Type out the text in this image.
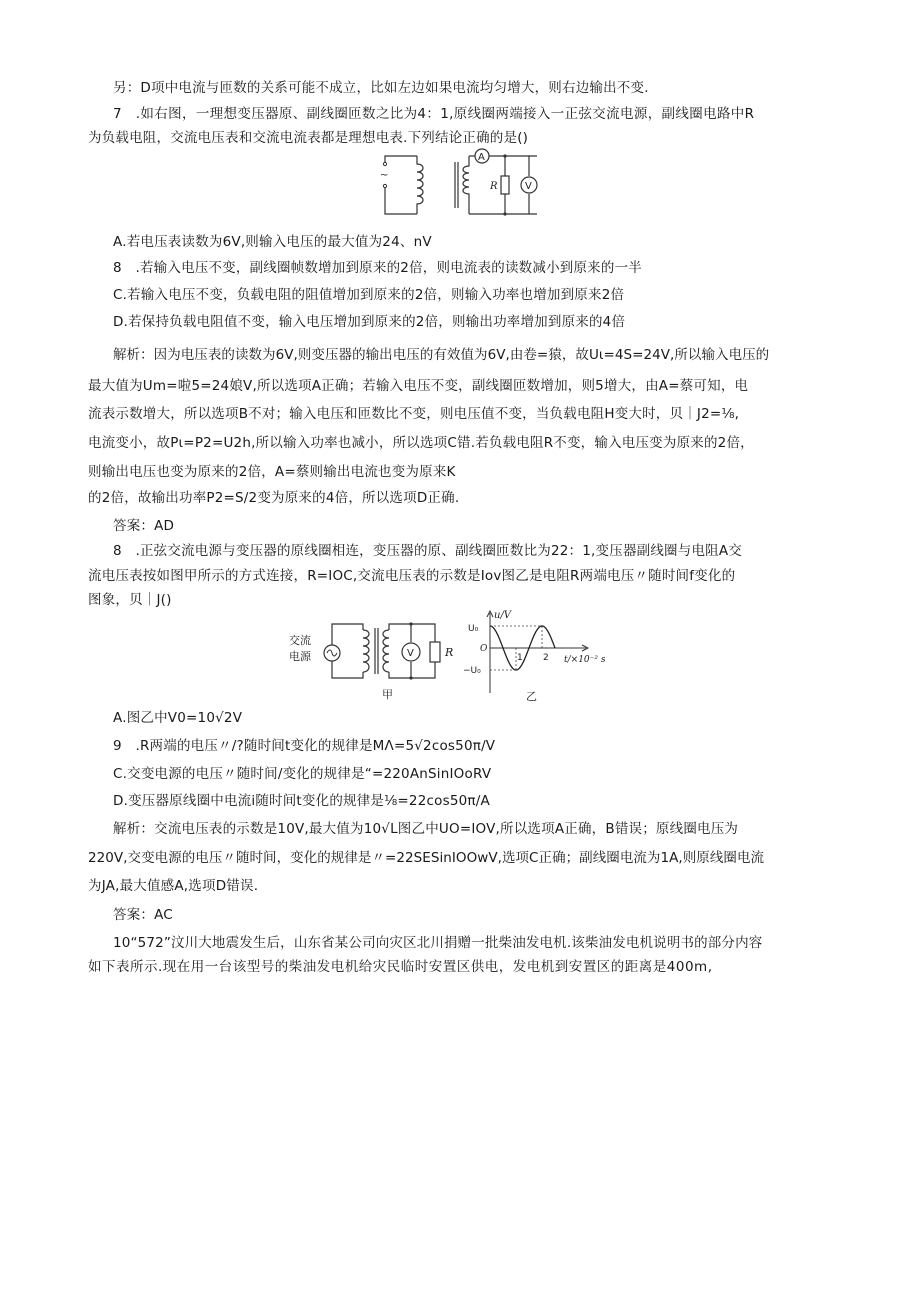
另：D项中电流与匝数的关系可能不成立，比如左边如果电流均匀增大，则右边输出不变.
7　.如右图，一理想变压器原、副线圈匝数之比为4：1,原线圈两端接入一正弦交流电源，副线圈电路中R
为负载电阻，交流电压表和交流电流表都是理想电表.下列结论正确的是()
~
A
V
R
A.若电压表读数为6V,则输入电压的最大值为24、nV
8　.若输入电压不变，副线圈帧数增加到原来的2倍，则电流表的读数减小到原来的一半
C.若输入电压不变，负载电阻的阻值增加到原来的2倍，则输入功率也增加到原来2倍
D.若保持负载电阻值不变，输入电压增加到原来的2倍，则输出功率增加到原来的4倍
解析：因为电压表的读数为6V,则变压器的输出电压的有效值为6V,由卷=猿，故Uι=4S=24V,所以输入电压的
最大值为Um=啦5=24娘V,所以选项A正确；若输入电压不变，副线圈匝数增加，则5增大，由A=蔡可知，电
流表示数增大，所以选项B不对；输入电压和匝数比不变，则电压值不变，当负载电阻H变大时，贝｜J2=⅛,
电流变小，故Pι=P2=U2h,所以输入功率也减小，所以选项C错.若负载电阻R不变，输入电压变为原来的2倍，
则输出电压也变为原来的2倍，A=蔡则输出电流也变为原来K
的2倍，故输出功率P2=S∕2变为原来的4倍，所以选项D正确.
答案：AD
8　.正弦交流电源与变压器的原线圈相连，变压器的原、副线圈匝数比为22：1,变压器副线圈与电阻A交
流电压表按如图甲所示的方式连接，R=IOC,交流电压表的示数是Iov图乙是电阻R两端电压〃随时间f变化的
图象，贝｜J()
交流
电源	V	R
甲
u/V
t/×10⁻² s
U₀
−U₀
O
1 2
乙
A.图乙中V0=10√2V
9　.R两端的电压〃/?随时间t变化的规律是MΛ=5√2cos50π∕V
C.交变电源的电压〃随时间/变化的规律是“=220AnSinIOoRV
D.变压器原线圈中电流i随时间t变化的规律是⅛=22cos50π∕A
解析：交流电压表的示数是10V,最大值为10√L图乙中UO=IOV,所以选项A正确，B错误；原线圈电压为
220V,交变电源的电压〃随时间，变化的规律是〃=22SESinIOOwV,选项C正确；副线圈电流为1A,则原线圈电流
为JA,最大值感A,选项D错误.
答案：AC
10“572”汶川大地震发生后，山东省某公司向灾区北川捐赠一批柴油发电机.该柴油发电机说明书的部分内容
如下表所示.现在用一台该型号的柴油发电机给灾民临时安置区供电，发电机到安置区的距离是400m,
